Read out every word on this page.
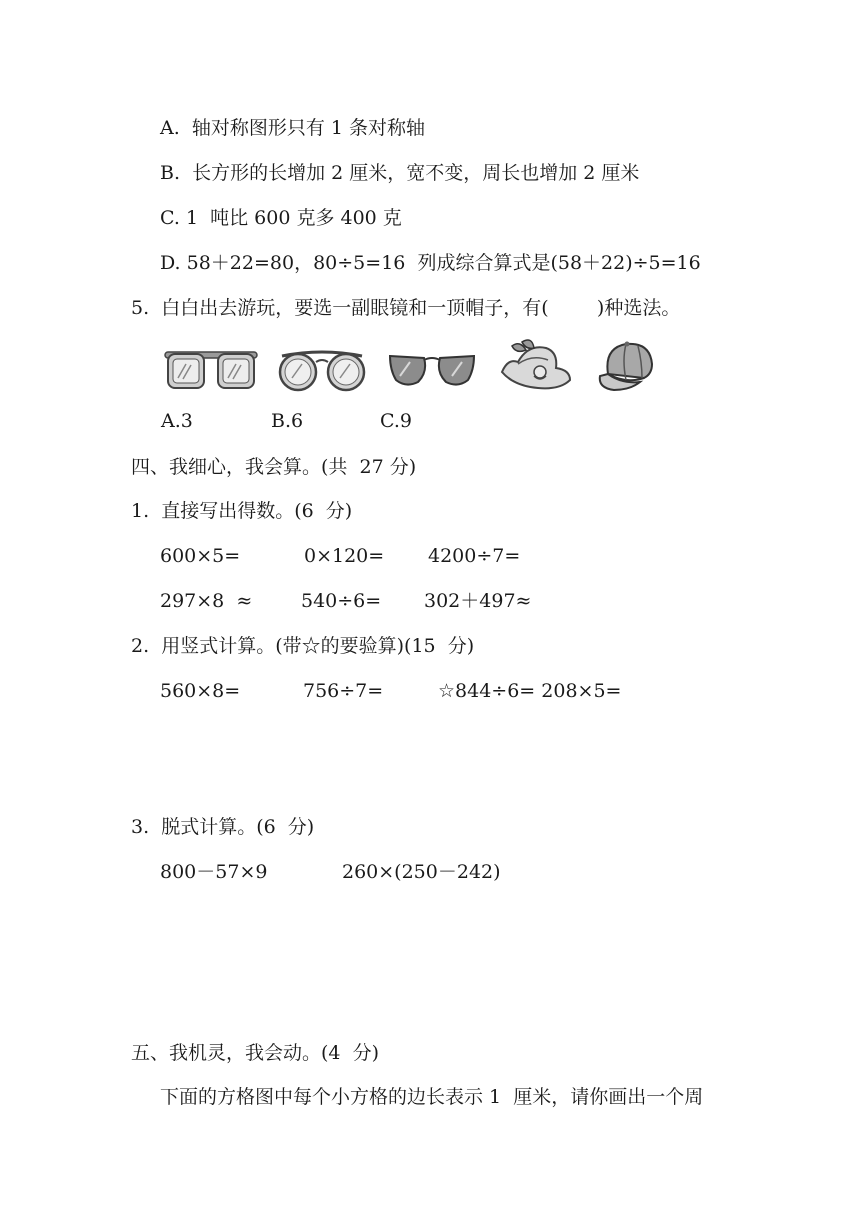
A.  轴对称图形只有 1 条对称轴
B.  长方形的长增加 2 厘米，宽不变，周长也增加 2 厘米
C. 1  吨比 600 克多 400 克
D. 58＋22=80，80÷5=16  列成综合算式是(58＋22)÷5=16
5.  白白出去游玩，要选一副眼镜和一顶帽子，有(        )种选法。
A.3	B.6	C.9
四、我细心，我会算。(共  27 分)
1.  直接写出得数。(6  分)
600×5=	0×120= 4200÷7=
297×8  ≈	540÷6= 302＋497≈
2.  用竖式计算。(带☆的要验算)(15  分)
560×8=	756÷7=	☆844÷6= 208×5=
3.  脱式计算。(6  分)
800－57×9	260×(250－242)
五、我机灵，我会动。(4  分)
下面的方格图中每个小方格的边长表示 1  厘米，请你画出一个周
